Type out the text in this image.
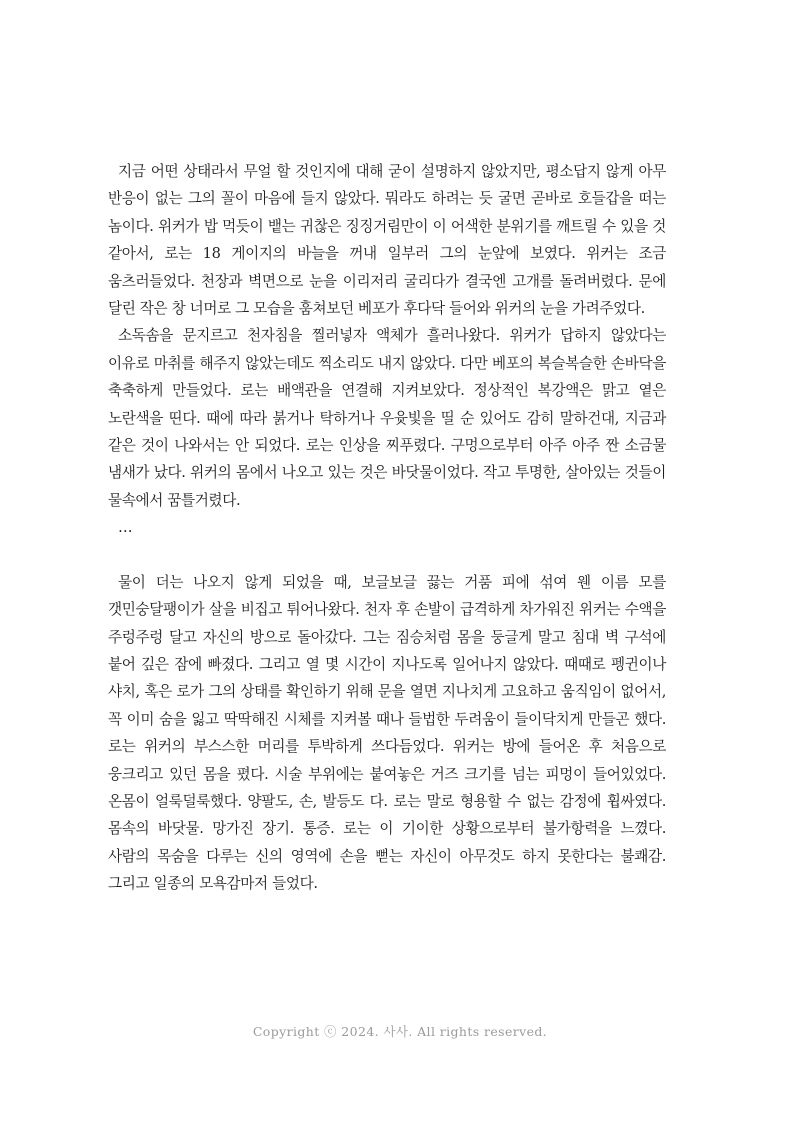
지금 어떤 상태라서 무얼 할 것인지에 대해 굳이 설명하지 않았지만, 평소답지 않게 아무 반응이 없는 그의 꼴이 마음에 들지 않았다. 뭐라도 하려는 듯 굴면 곧바로 호들갑을 떠는 놈이다. 위커가 밥 먹듯이 뱉는 귀찮은 징징거림만이 이 어색한 분위기를 깨트릴 수 있을 것 같아서, 로는 18 게이지의 바늘을 꺼내 일부러 그의 눈앞에 보였다. 위커는 조금 움츠러들었다. 천장과 벽면으로 눈을 이리저리 굴리다가 결국엔 고개를 돌려버렸다. 문에 달린 작은 창 너머로 그 모습을 훔쳐보던 베포가 후다닥 들어와 위커의 눈을 가려주었다.

소독솜을 문지르고 천자침을 찔러넣자 액체가 흘러나왔다. 위커가 답하지 않았다는 이유로 마취를 해주지 않았는데도 찍소리도 내지 않았다. 다만 베포의 복슬복슬한 손바닥을 축축하게 만들었다. 로는 배액관을 연결해 지켜보았다. 정상적인 복강액은 맑고 옅은 노란색을 띤다. 때에 따라 붉거나 탁하거나 우윳빛을 띨 순 있어도 감히 말하건대, 지금과 같은 것이 나와서는 안 되었다. 로는 인상을 찌푸렸다. 구멍으로부터 아주 아주 짠 소금물 냄새가 났다. 위커의 몸에서 나오고 있는 것은 바닷물이었다. 작고 투명한, 살아있는 것들이 물속에서 꿈틀거렸다.

…

물이 더는 나오지 않게 되었을 때, 보글보글 끓는 거품 피에 섞여 웬 이름 모를 갯민숭달팽이가 살을 비집고 튀어나왔다. 천자 후 손발이 급격하게 차가워진 위커는 수액을 주렁주렁 달고 자신의 방으로 돌아갔다. 그는 짐승처럼 몸을 둥글게 말고 침대 벽 구석에 붙어 깊은 잠에 빠졌다. 그리고 열 몇 시간이 지나도록 일어나지 않았다. 때때로 펭귄이나 샤치, 혹은 로가 그의 상태를 확인하기 위해 문을 열면 지나치게 고요하고 움직임이 없어서, 꼭 이미 숨을 잃고 딱딱해진 시체를 지켜볼 때나 들법한 두려움이 들이닥치게 만들곤 했다. 로는 위커의 부스스한 머리를 투박하게 쓰다듬었다. 위커는 방에 들어온 후 처음으로 웅크리고 있던 몸을 폈다. 시술 부위에는 붙여놓은 거즈 크기를 넘는 피멍이 들어있었다. 온몸이 얼룩덜룩했다. 양팔도, 손, 발등도 다. 로는 말로 형용할 수 없는 감정에 휩싸였다. 몸속의 바닷물. 망가진 장기. 통증. 로는 이 기이한 상황으로부터 불가항력을 느꼈다. 사람의 목숨을 다루는 신의 영역에 손을 뻗는 자신이 아무것도 하지 못한다는 불쾌감. 그리고 일종의 모욕감마저 들었다.

Copyright ⓒ 2024. 사사. All rights reserved.
